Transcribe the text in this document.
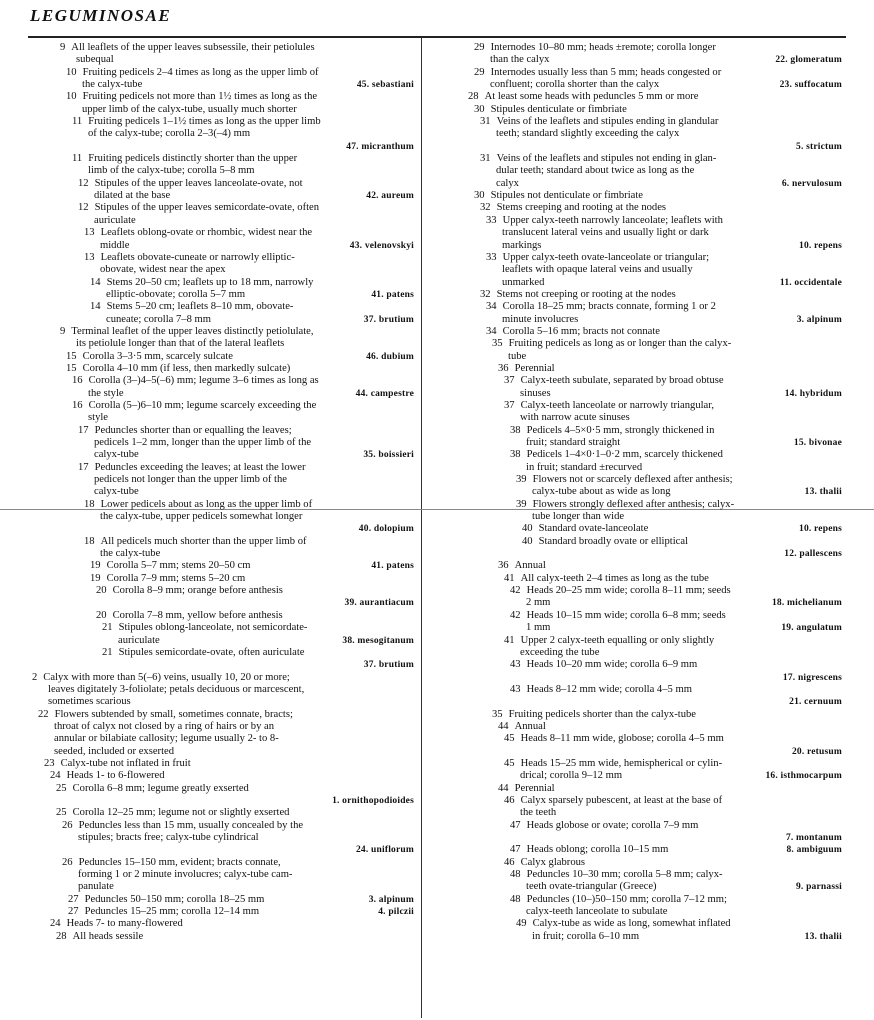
LEGUMINOSAE
9 All leaflets of the upper leaves subsessile, their petiolules
subequal
10 Fruiting pedicels 2–4 times as long as the upper limb of
the calyx-tube	45. sebastiani
10 Fruiting pedicels not more than 1½ times as long as the
upper limb of the calyx-tube, usually much shorter
11 Fruiting pedicels 1–1½ times as long as the upper limb
of the calyx-tube; corolla 2–3(–4) mm

47. micranthum
11 Fruiting pedicels distinctly shorter than the upper
limb of the calyx-tube; corolla 5–8 mm
12 Stipules of the upper leaves lanceolate-ovate, not
dilated at the base	42. aureum
12 Stipules of the upper leaves semicordate-ovate, often
auriculate
13 Leaflets oblong-ovate or rhombic, widest near the
middle	43. velenovskyi
13 Leaflets obovate-cuneate or narrowly elliptic-
obovate, widest near the apex
14 Stems 20–50 cm; leaflets up to 18 mm, narrowly
elliptic-obovate; corolla 5–7 mm	41. patens
14 Stems 5–20 cm; leaflets 8–10 mm, obovate-
cuneate; corolla 7–8 mm	37. brutium
9 Terminal leaflet of the upper leaves distinctly petiolulate,
its petiolule longer than that of the lateral leaflets
15 Corolla 3–3·5 mm, scarcely sulcate	46. dubium
15 Corolla 4–10 mm (if less, then markedly sulcate)
16 Corolla (3–)4–5(–6) mm; legume 3–6 times as long as
the style	44. campestre
16 Corolla (5–)6–10 mm; legume scarcely exceeding the
style
17 Peduncles shorter than or equalling the leaves;
pedicels 1–2 mm, longer than the upper limb of the
calyx-tube	35. boissieri
17 Peduncles exceeding the leaves; at least the lower
pedicels not longer than the upper limb of the
calyx-tube
18 Lower pedicels about as long as the upper limb of
the calyx-tube, upper pedicels somewhat longer

40. dolopium
18 All pedicels much shorter than the upper limb of
the calyx-tube
19 Corolla 5–7 mm; stems 20–50 cm	41. patens
19 Corolla 7–9 mm; stems 5–20 cm
20 Corolla 8–9 mm; orange before anthesis

39. aurantiacum
20 Corolla 7–8 mm, yellow before anthesis
21 Stipules oblong-lanceolate, not semicordate-
auriculate	38. mesogitanum
21 Stipules semicordate-ovate, often auriculate

37. brutium
2 Calyx with more than 5(–6) veins, usually 10, 20 or more;
leaves digitately 3-foliolate; petals deciduous or marcescent,
sometimes scarious
22 Flowers subtended by small, sometimes connate, bracts;
throat of calyx not closed by a ring of hairs or by an
annular or bilabiate callosity; legume usually 2- to 8-
seeded, included or exserted
23 Calyx-tube not inflated in fruit
24 Heads 1- to 6-flowered
25 Corolla 6–8 mm; legume greatly exserted

1. ornithopodioides
25 Corolla 12–25 mm; legume not or slightly exserted
26 Peduncles less than 15 mm, usually concealed by the
stipules; bracts free; calyx-tube cylindrical

24. uniflorum
26 Peduncles 15–150 mm, evident; bracts connate,
forming 1 or 2 minute involucres; calyx-tube cam-
panulate
27 Peduncles 50–150 mm; corolla 18–25 mm	3. alpinum
27 Peduncles 15–25 mm; corolla 12–14 mm	4. pilczii
24 Heads 7- to many-flowered
28 All heads sessile
29 Internodes 10–80 mm; heads ±remote; corolla longer
than the calyx	22. glomeratum
29 Internodes usually less than 5 mm; heads congested or
confluent; corolla shorter than the calyx	23. suffocatum
28 At least some heads with peduncles 5 mm or more
30 Stipules denticulate or fimbriate
31 Veins of the leaflets and stipules ending in glandular
teeth; standard slightly exceeding the calyx

5. strictum
31 Veins of the leaflets and stipules not ending in glan-
dular teeth; standard about twice as long as the
calyx	6. nervulosum
30 Stipules not denticulate or fimbriate
32 Stems creeping and rooting at the nodes
33 Upper calyx-teeth narrowly lanceolate; leaflets with
translucent lateral veins and usually light or dark
markings	10. repens
33 Upper calyx-teeth ovate-lanceolate or triangular;
leaflets with opaque lateral veins and usually
unmarked	11. occidentale
32 Stems not creeping or rooting at the nodes
34 Corolla 18–25 mm; bracts connate, forming 1 or 2
minute involucres	3. alpinum
34 Corolla 5–16 mm; bracts not connate
35 Fruiting pedicels as long as or longer than the calyx-
tube
36 Perennial
37 Calyx-teeth subulate, separated by broad obtuse
sinuses	14. hybridum
37 Calyx-teeth lanceolate or narrowly triangular,
with narrow acute sinuses
38 Pedicels 4–5×0·5 mm, strongly thickened in
fruit; standard straight	15. bivonae
38 Pedicels 1–4×0·1–0·2 mm, scarcely thickened
in fruit; standard ±recurved
39 Flowers not or scarcely deflexed after anthesis;
calyx-tube about as wide as long	13. thalii
39 Flowers strongly deflexed after anthesis; calyx-
tube longer than wide
40 Standard ovate-lanceolate	10. repens
40 Standard broadly ovate or elliptical

12. pallescens
36 Annual
41 All calyx-teeth 2–4 times as long as the tube
42 Heads 20–25 mm wide; corolla 8–11 mm; seeds
2 mm	18. michelianum
42 Heads 10–15 mm wide; corolla 6–8 mm; seeds
1 mm	19. angulatum
41 Upper 2 calyx-teeth equalling or only slightly
exceeding the tube
43 Heads 10–20 mm wide; corolla 6–9 mm

17. nigrescens
43 Heads 8–12 mm wide; corolla 4–5 mm

21. cernuum
35 Fruiting pedicels shorter than the calyx-tube
44 Annual
45 Heads 8–11 mm wide, globose; corolla 4–5 mm

20. retusum
45 Heads 15–25 mm wide, hemispherical or cylin-
drical; corolla 9–12 mm	16. isthmocarpum
44 Perennial
46 Calyx sparsely pubescent, at least at the base of
the teeth
47 Heads globose or ovate; corolla 7–9 mm

7. montanum
47 Heads oblong; corolla 10–15 mm	8. ambiguum
46 Calyx glabrous
48 Peduncles 10–30 mm; corolla 5–8 mm; calyx-
teeth ovate-triangular (Greece)	9. parnassi
48 Peduncles (10–)50–150 mm; corolla 7–12 mm;
calyx-teeth lanceolate to subulate
49 Calyx-tube as wide as long, somewhat inflated
in fruit; corolla 6–10 mm	13. thalii
